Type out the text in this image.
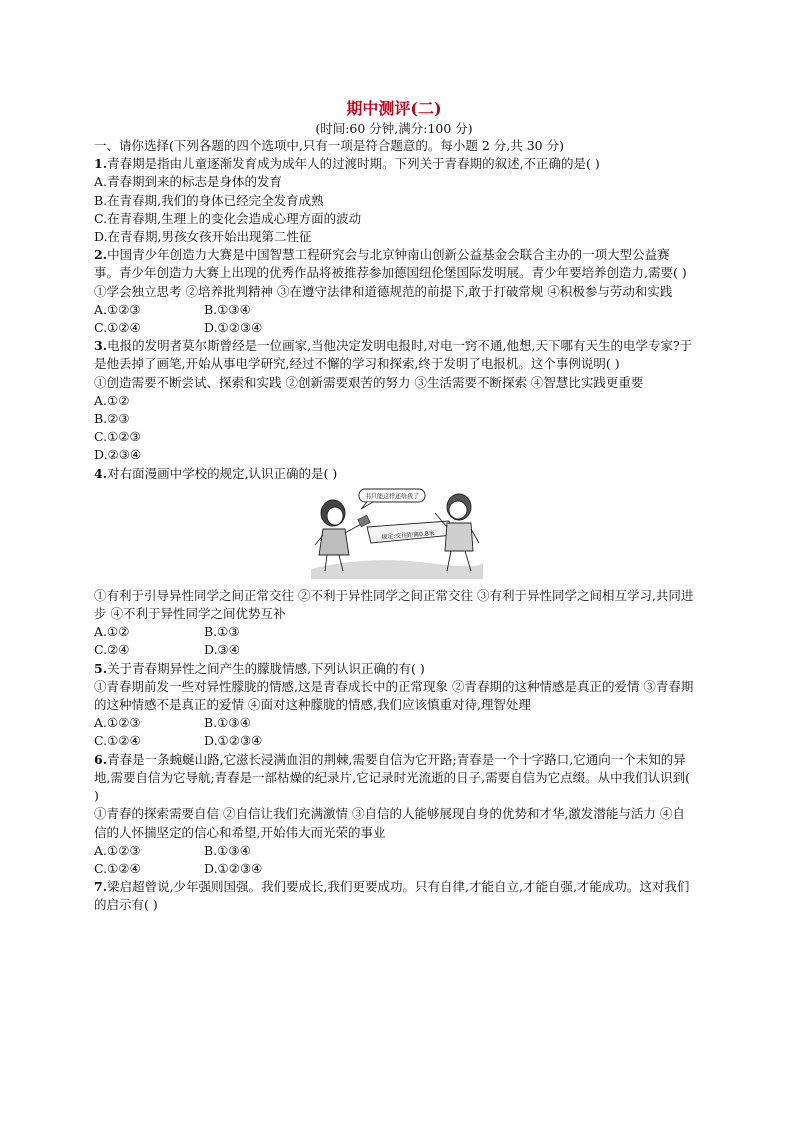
期中测评(二)
(时间:60 分钟,满分:100 分)
一、请你选择(下列各题的四个选项中,只有一项是符合题意的。每小题 2 分,共 30 分)
1.青春期是指由儿童逐渐发育成为成年人的过渡时期。下列关于青春期的叙述,不正确的是( )
A.青春期到来的标志是身体的发育
B.在青春期,我们的身体已经完全发育成熟
C.在青春期,生理上的变化会造成心理方面的波动
D.在青春期,男孩女孩开始出现第二性征
2.中国青少年创造力大赛是中国智慧工程研究会与北京钟南山创新公益基金会联合主办的一项大型公益赛事。青少年创造力大赛上出现的优秀作品将被推荐参加德国纽伦堡国际发明展。青少年要培养创造力,需要( )
①学会独立思考 ②培养批判精神 ③在遵守法律和道德规范的前提下,敢于打破常规 ④积极参与劳动和实践
A.①②③	B.①③④
C.①②④	D.①②③④
3.电报的发明者莫尔斯曾经是一位画家,当他决定发明电报时,对电一窍不通,他想,天下哪有天生的电学专家?于是他丢掉了画笔,开始从事电学研究,经过不懈的学习和探索,终于发明了电报机。这个事例说明( )
①创造需要不断尝试、探索和实践 ②创新需要艰苦的努力 ③生活需要不断探索 ④智慧比实践更重要
A.①②
B.②③
C.①②③
D.②③④
4.对右面漫画中学校的规定,认识正确的是( )
规定:交往距离0.8米
书只能这样还给我了
①有利于引导异性同学之间正常交往 ②不利于异性同学之间正常交往 ③有利于异性同学之间相互学习,共同进步 ④不利于异性同学之间优势互补
A.①②	B.①③
C.②④	D.③④
5.关于青春期异性之间产生的朦胧情感,下列认识正确的有( )
①青春期前发一些对异性朦胧的情感,这是青春成长中的正常现象 ②青春期的这种情感是真正的爱情 ③青春期的这种情感不是真正的爱情 ④面对这种朦胧的情感,我们应该慎重对待,理智处理
A.①②③	B.①③④
C.①②④	D.①②③④
6.青春是一条蜿蜒山路,它滋长浸满血泪的荆棘,需要自信为它开路;青春是一个十字路口,它通向一个未知的异地,需要自信为它导航;青春是一部枯燥的纪录片,它记录时光流逝的日子,需要自信为它点缀。从中我们认识到( )
①青春的探索需要自信 ②自信让我们充满激情 ③自信的人能够展现自身的优势和才华,激发潜能与活力 ④自信的人怀揣坚定的信心和希望,开始伟大而光荣的事业
A.①②③	B.①③④
C.①②④	D.①②③④
7.梁启超曾说,少年强则国强。我们要成长,我们更要成功。只有自律,才能自立,才能自强,才能成功。这对我们的启示有( )
